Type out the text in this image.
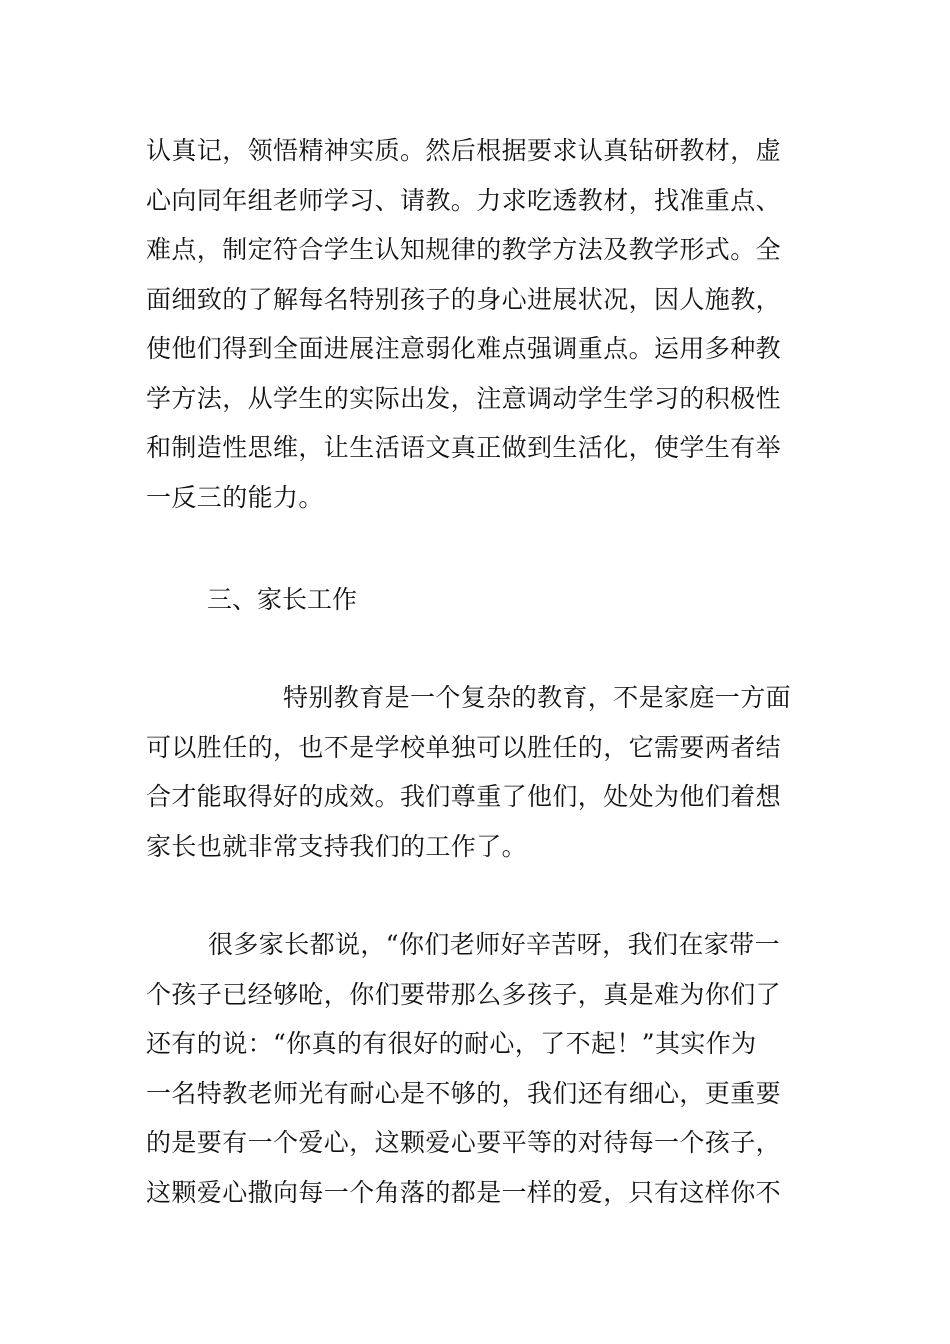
认真记，领悟精神实质。然后根据要求认真钻研教材，虚
心向同年组老师学习、请教。力求吃透教材，找准重点、
难点，制定符合学生认知规律的教学方法及教学形式。全
面细致的了解每名特别孩子的身心进展状况，因人施教，
使他们得到全面进展注意弱化难点强调重点。运用多种教
学方法，从学生的实际出发，注意调动学生学习的积极性
和制造性思维，让生活语文真正做到生活化，使学生有举
一反三的能力。
三、家长工作
特别教育是一个复杂的教育，不是家庭一方面
可以胜任的，也不是学校单独可以胜任的，它需要两者结
合才能取得好的成效。我们尊重了他们，处处为他们着想
家长也就非常支持我们的工作了。
很多家长都说，“你们老师好辛苦呀，我们在家带一
个孩子已经够呛，你们要带那么多孩子，真是难为你们了
还有的说：“你真的有很好的耐心，了不起！”其实作为
一名特教老师光有耐心是不够的，我们还有细心，更重要
的是要有一个爱心，这颗爱心要平等的对待每一个孩子，
这颗爱心撒向每一个角落的都是一样的爱，只有这样你不
